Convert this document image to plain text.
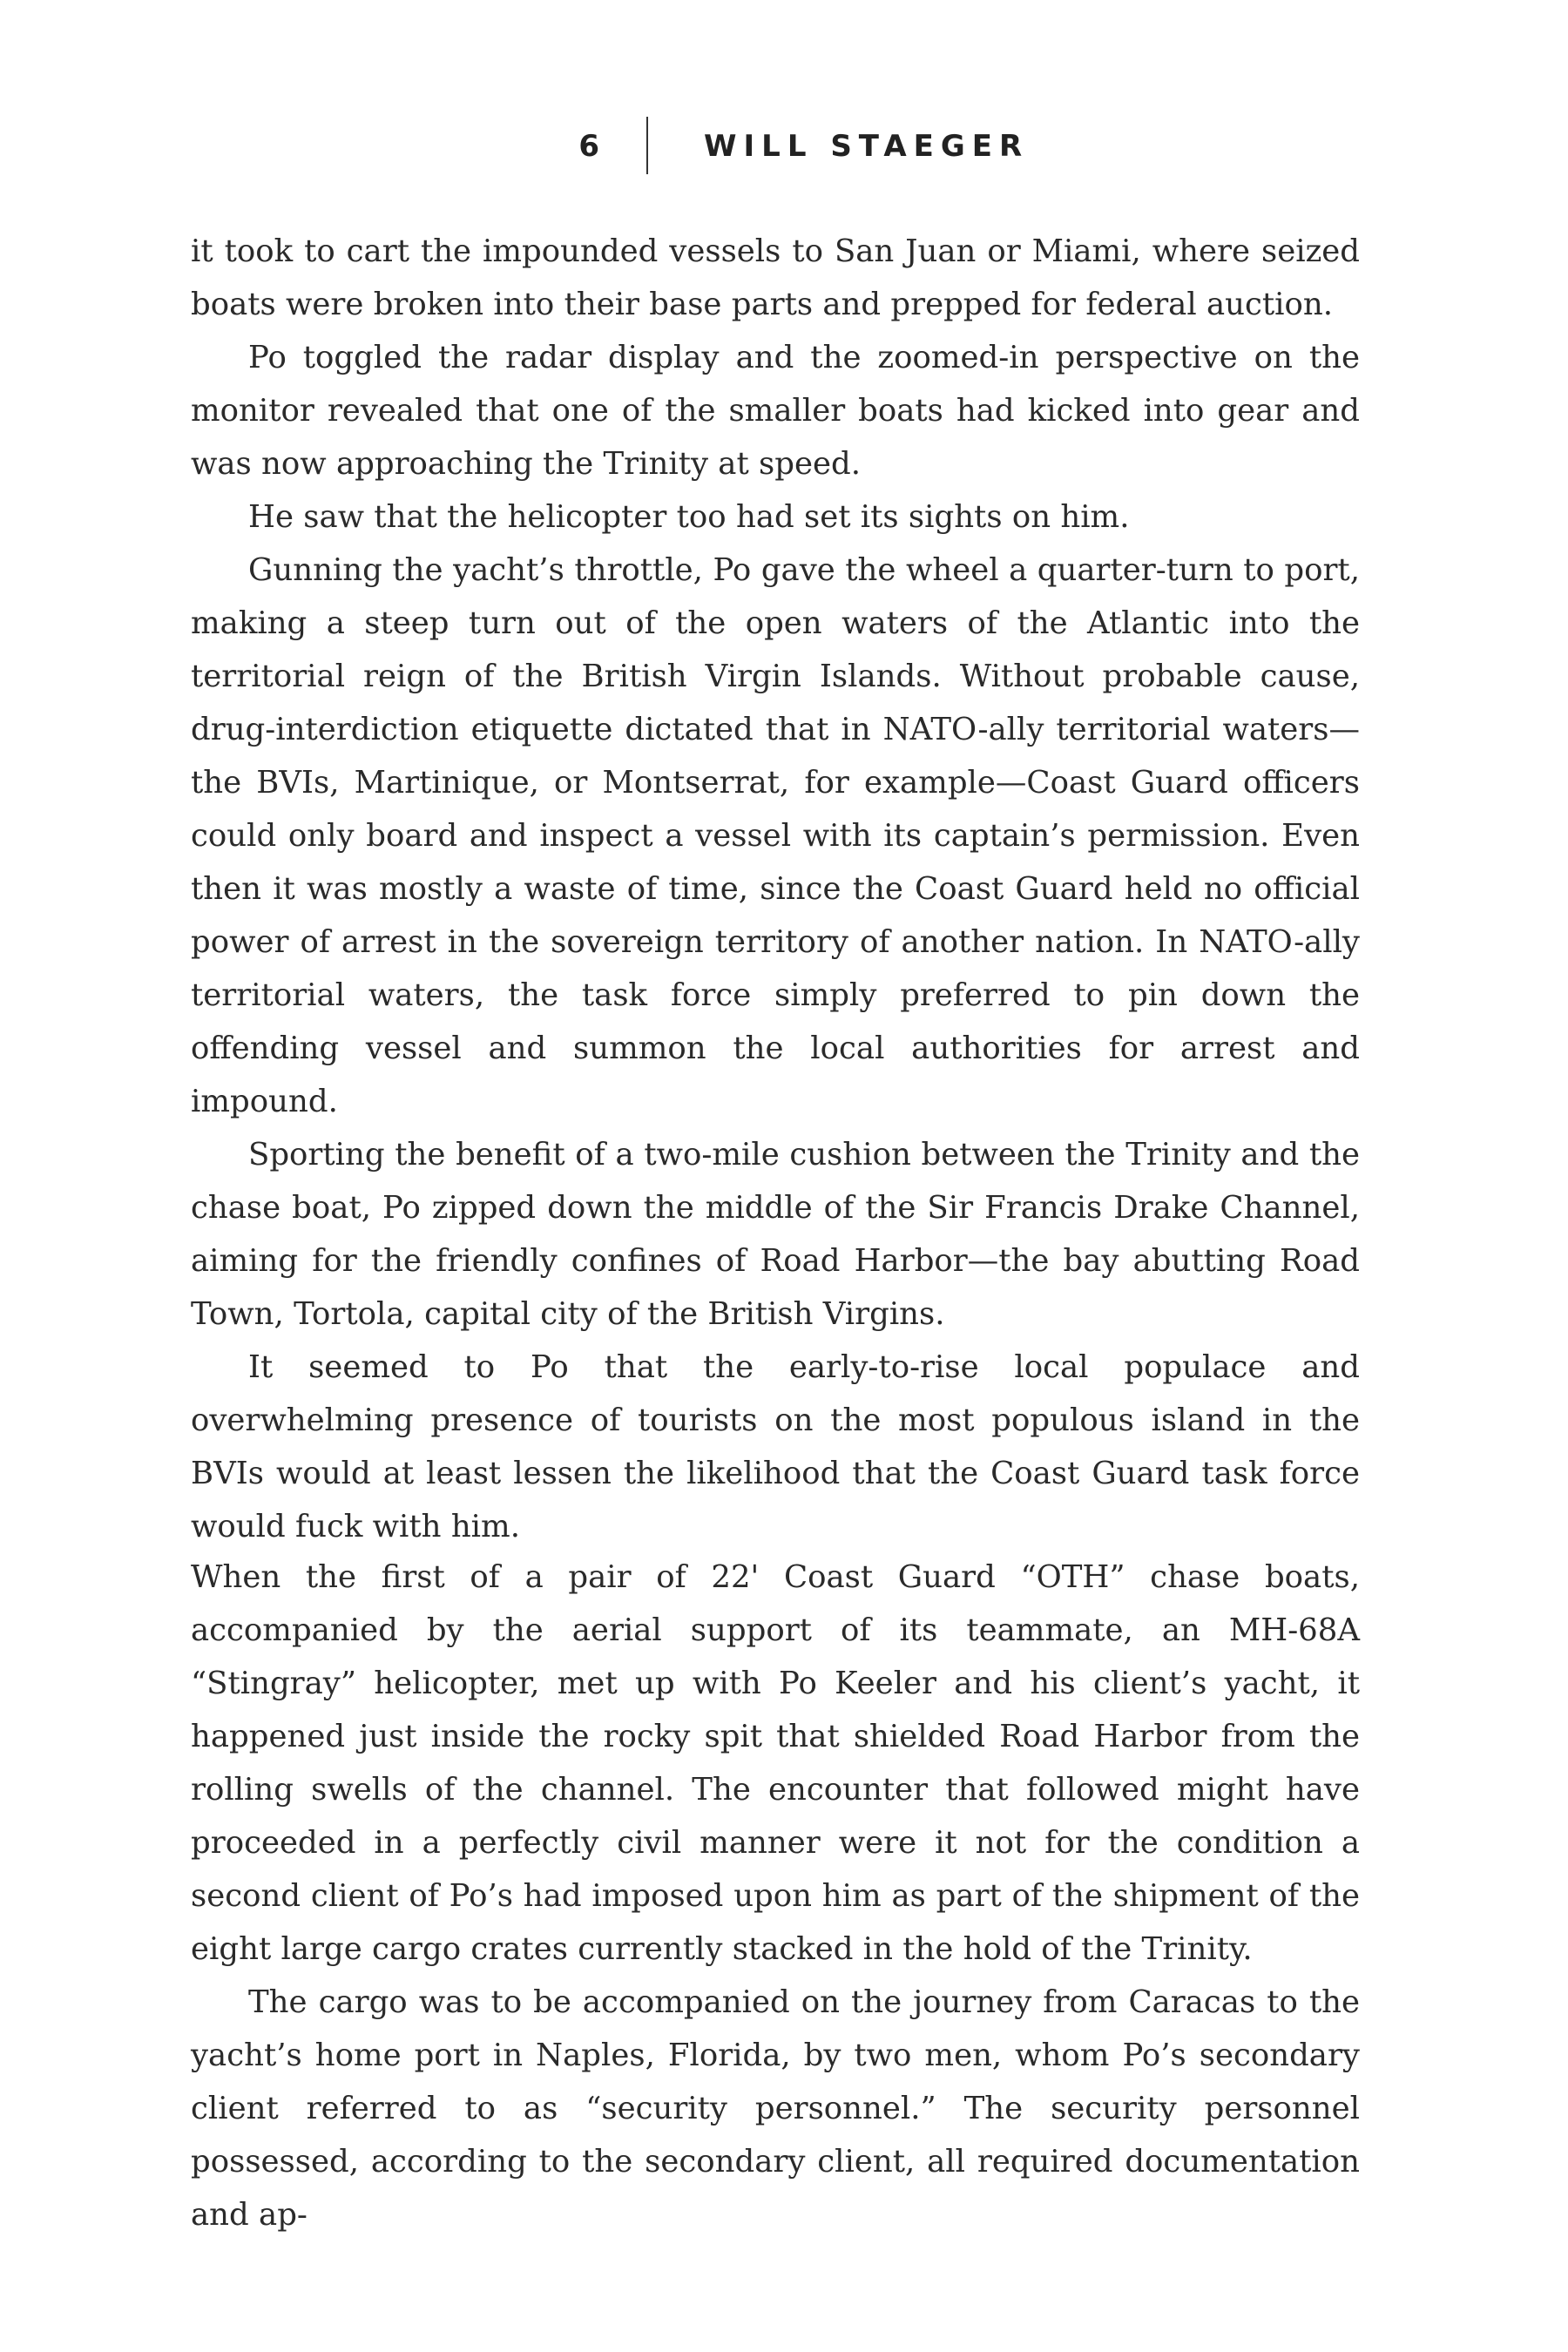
6	WILL STAEGER

it took to cart the impounded vessels to San Juan or Miami, where seized boats were broken into their base parts and prepped for federal auction.

Po toggled the radar display and the zoomed-in perspective on the monitor revealed that one of the smaller boats had kicked into gear and was now approaching the Trinity at speed.

He saw that the helicopter too had set its sights on him.

Gunning the yacht’s throttle, Po gave the wheel a quarter-turn to port, making a steep turn out of the open waters of the Atlantic into the territorial reign of the British Virgin Islands. Without probable cause, drug-interdiction etiquette dictated that in NATO-ally territorial waters—the BVIs, Martinique, or Montserrat, for example—Coast Guard officers could only board and inspect a vessel with its captain’s permission. Even then it was mostly a waste of time, since the Coast Guard held no official power of arrest in the sovereign territory of another nation. In NATO-ally territorial waters, the task force simply preferred to pin down the offending vessel and summon the local authorities for arrest and impound.

Sporting the benefit of a two-mile cushion between the Trinity and the chase boat, Po zipped down the middle of the Sir Francis Drake Channel, aiming for the friendly confines of Road Harbor—the bay abutting Road Town, Tortola, capital city of the British Virgins.

It seemed to Po that the early-to-rise local populace and overwhelming presence of tourists on the most populous island in the BVIs would at least lessen the likelihood that the Coast Guard task force would fuck with him.

When the first of a pair of 22' Coast Guard “OTH” chase boats, accompanied by the aerial support of its teammate, an MH-68A “Stingray” helicopter, met up with Po Keeler and his client’s yacht, it happened just inside the rocky spit that shielded Road Harbor from the rolling swells of the channel. The encounter that followed might have proceeded in a perfectly civil manner were it not for the condition a second client of Po’s had imposed upon him as part of the shipment of the eight large cargo crates currently stacked in the hold of the Trinity.

The cargo was to be accompanied on the journey from Caracas to the yacht’s home port in Naples, Florida, by two men, whom Po’s secondary client referred to as “security personnel.” The security personnel possessed, according to the secondary client, all required documentation and ap-
